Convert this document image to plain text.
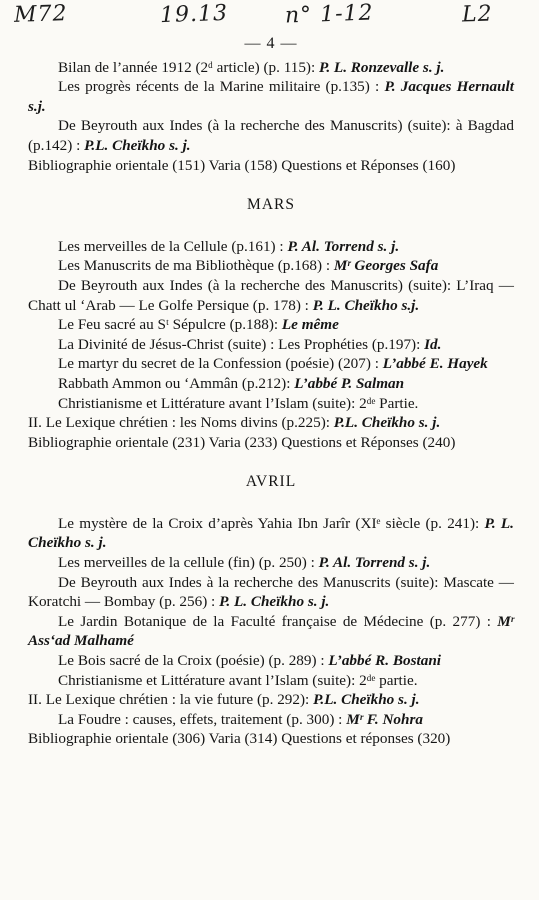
M72	19.13	n° 1-12	L2
— 4 —
Bilan de l’année 1912 (2ᵈ article) (p. 115): P. L. Ronzevalle s. j.
Les progrès récents de la Marine militaire (p.135) : P. Jacques Hernault s.j.
De Beyrouth aux Indes (à la recherche des Manuscrits) (suite): à Bagdad (p.142) : P.L. Cheïkho s. j.
Bibliographie orientale (151) Varia (158) Questions et Réponses (160)
MARS
Les merveilles de la Cellule (p.161) : P. Al. Torrend s. j.
Les Manuscrits de ma Bibliothèque (p.168) : Mʳ Georges Safa
De Beyrouth aux Indes (à la recherche des Manuscrits) (suite): L’Iraq — Chatt ul ‘Arab — Le Golfe Persique (p. 178) : P. L. Cheïkho s.j.
Le Feu sacré au Sᵗ Sépulcre (p.188): Le même
La Divinité de Jésus-Christ (suite) : Les Prophéties (p.197): Id.
Le martyr du secret de la Confession (poésie) (207) : L’abbé E. Hayek
Rabbath Ammon ou ‘Ammân (p.212): L’abbé P. Salman
Christianisme et Littérature avant l’Islam (suite): 2ᵈᵉ Partie.
II. Le Lexique chrétien : les Noms divins (p.225): P.L. Cheïkho s. j.
Bibliographie orientale (231) Varia (233) Questions et Réponses (240)
AVRIL
Le mystère de la Croix d’après Yahia Ibn Jarîr (XIᵉ siècle (p. 241): P. L. Cheïkho s. j.
Les merveilles de la cellule (fin) (p. 250) : P. Al. Torrend s. j.
De Beyrouth aux Indes à la recherche des Manuscrits (suite): Mascate — Koratchi — Bombay (p. 256) : P. L. Cheïkho s. j.
Le Jardin Botanique de la Faculté française de Médecine (p. 277) : Mʳ Ass‘ad Malhamé
Le Bois sacré de la Croix (poésie) (p. 289) : L’abbé R. Bostani
Christianisme et Littérature avant l’Islam (suite): 2ᵈᵉ partie.
II. Le Lexique chrétien : la vie future (p. 292): P.L. Cheïkho s. j.
La Foudre : causes, effets, traitement (p. 300) : Mʳ F. Nohra
Bibliographie orientale (306) Varia (314) Questions et réponses (320)
